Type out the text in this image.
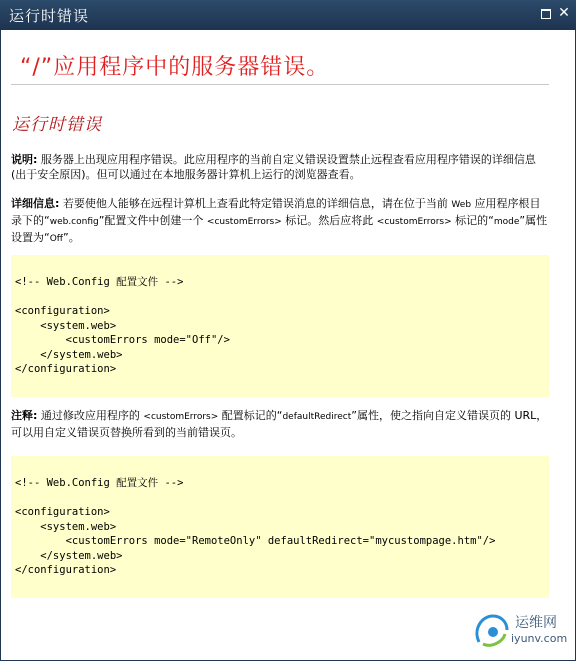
运行时错误	✕
“/”应用程序中的服务器错误。
运行时错误
说明: 服务器上出现应用程序错误。此应用程序的当前自定义错误设置禁止远程查看应用程序错误的详细信息(出于安全原因)。但可以通过在本地服务器计算机上运行的浏览器查看。
详细信息: 若要使他人能够在远程计算机上查看此特定错误消息的详细信息，请在位于当前 Web 应用程序根目录下的“web.config”配置文件中创建一个 <customErrors> 标记。然后应将此 <customErrors> 标记的“mode”属性设置为“Off”。
<!-- Web.Config 配置文件 -->

<configuration>
<system.web>
<customErrors mode="Off"/>
</system.web>
</configuration>
注释: 通过修改应用程序的 <customErrors> 配置标记的“defaultRedirect”属性，使之指向自定义错误页的 URL，可以用自定义错误页替换所看到的当前错误页。
<!-- Web.Config 配置文件 -->

<configuration>
<system.web>
<customErrors mode="RemoteOnly" defaultRedirect="mycustompage.htm"/>
</system.web>
</configuration>
运维网
iyunv.com
